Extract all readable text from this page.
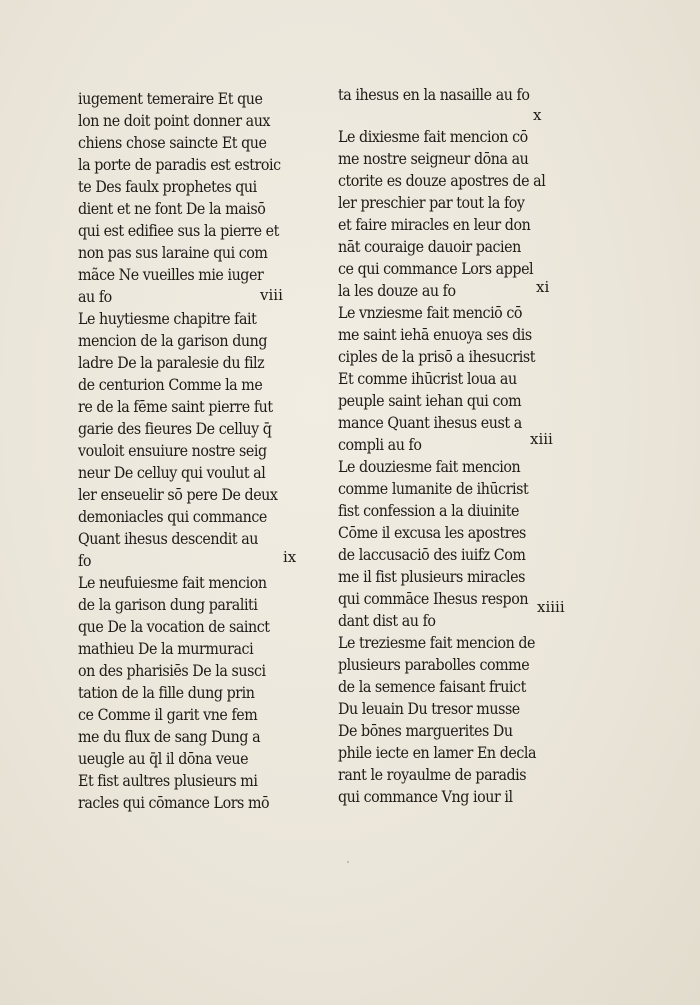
iugement temeraire Et que
lon ne doit point donner aux
chiens chose saincte Et que
la porte de paradis est estroic
te Des faulx prophetes qui
dient et ne font De la maisō
qui est edifiee sus la pierre et
non pas sus laraine qui com
mãce Ne vueilles mie iuger
au fo	viii
Le huytiesme chapitre fait
mencion de la garison dung
ladre De la paralesie du filz
de centurion Comme la me
re de la fēme saint pierre fut
garie des fieures De celluy q̄
vouloit ensuiure nostre seig
neur De celluy qui voulut al
ler enseuelir sō pere De deux
demoniacles qui commance
Quant ihesus descendit au
fo	ix
Le neufuiesme fait mencion
de la garison dung paraliti
que De la vocation de sainct
mathieu De la murmuraci
on des pharisiēs De la susci
tation de la fille dung prin
ce Comme il garit vne fem
me du flux de sang Dung a
ueugle au q̄l il dōna veue
Et fist aultres plusieurs mi
racles qui cōmance Lors mō
ta ihesus en la nasaille au fo
x
Le dixiesme fait mencion cō
me nostre seigneur dōna au
ctorite es douze apostres de al
ler preschier par tout la foy
et faire miracles en leur don
nāt couraige dauoir pacien
ce qui commance Lors appel
la les douze au fo	xi
Le vnziesme fait menciō cō
me saint iehā enuoya ses dis
ciples de la prisō a ihesucrist
Et comme ihūcrist loua au
peuple saint iehan qui com
mance Quant ihesus eust a
compli au fo	xiii
Le douziesme fait mencion
comme lumanite de ihūcrist
fist confession a la diuinite
Cōme il excusa les apostres
de laccusaciō des iuifz Com
me il fist plusieurs miracles
qui commāce Ihesus respon
dant dist au fo
xiiii
Le treziesme fait mencion de
plusieurs parabolles comme
de la semence faisant fruict
Du leuain Du tresor musse
De bōnes marguerites Du
phile iecte en lamer En decla
rant le royaulme de paradis
qui commance Vng iour il
